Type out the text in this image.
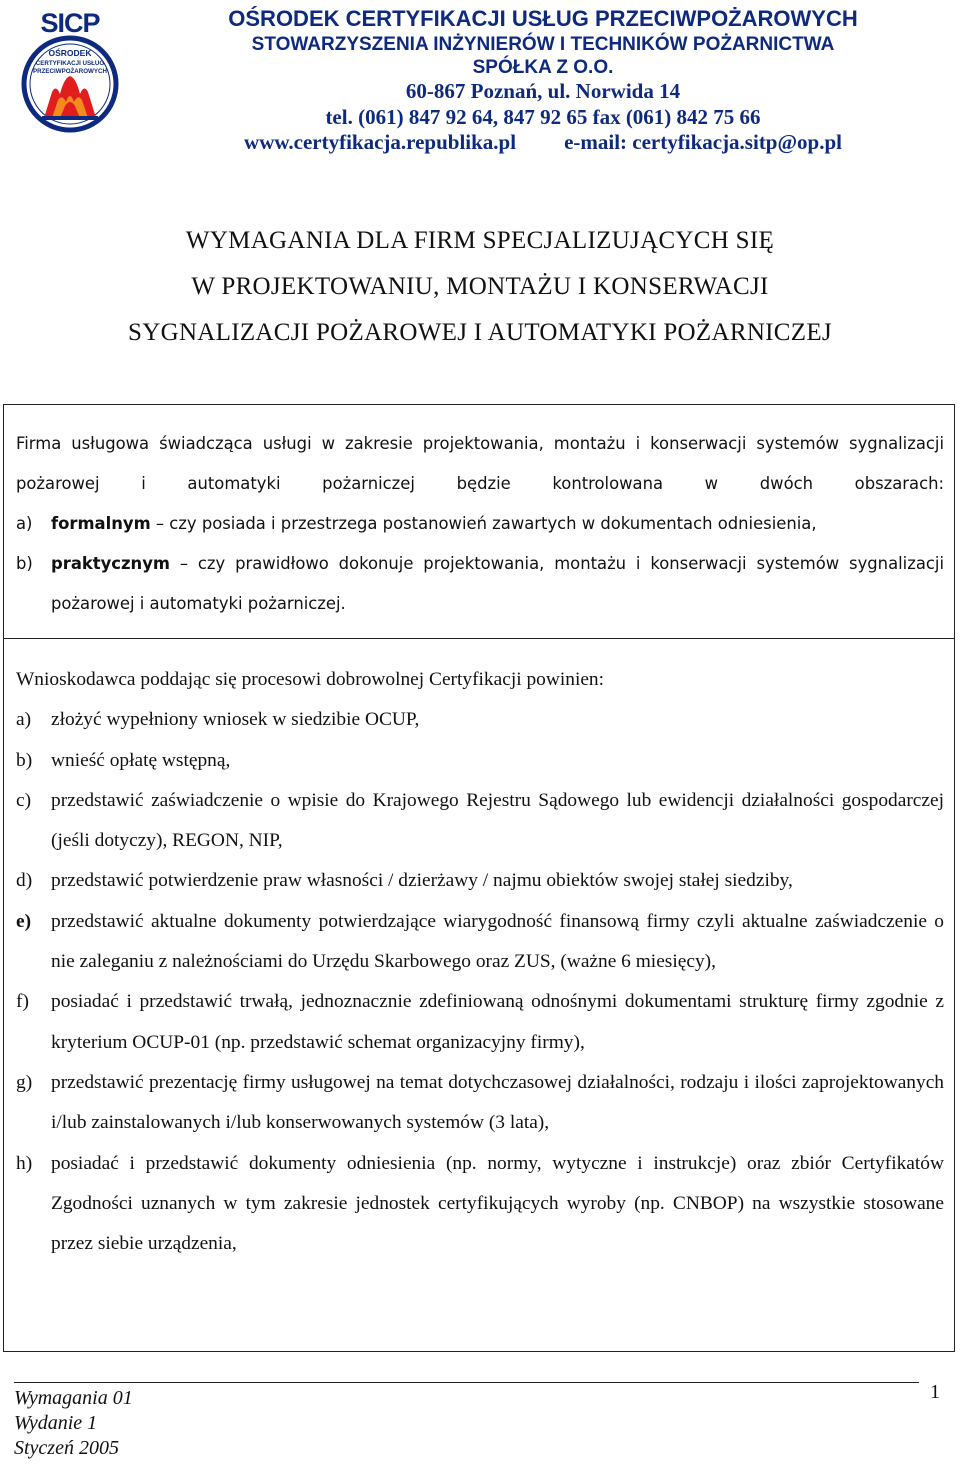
SICP
OŚRODEK
CERTYFIKACJI USŁUG
PRZECIWPOŻAROWYCH
OŚRODEK CERTYFIKACJI USŁUG PRZECIWPOŻAROWYCH
STOWARZYSZENIA INŻYNIERÓW I TECHNIKÓW POŻARNICTWA
SPÓŁKA Z O.O.
60-867 Poznań, ul. Norwida 14
tel. (061) 847 92 64, 847 92 65 fax (061) 842 75 66
www.certyfikacja.republika.pl e-mail: certyfikacja.sitp@op.pl
WYMAGANIA DLA FIRM SPECJALIZUJĄCYCH SIĘ
W PROJEKTOWANIU, MONTAŻU I KONSERWACJI
SYGNALIZACJI POŻAROWEJ I AUTOMATYKI POŻARNICZEJ

Firma usługowa świadcząca usługi w zakresie projektowania, montażu i konserwacji systemów sygnalizacji pożarowej i automatyki pożarniczej będzie kontrolowana w dwóch obszarach:

a) formalnym – czy posiada i przestrzega postanowień zawartych w dokumentach odniesienia,
b) praktycznym – czy prawidłowo dokonuje projektowania, montażu i konserwacji systemów sygnalizacji pożarowej i automatyki pożarniczej.

Wnioskodawca poddając się procesowi dobrowolnej Certyfikacji powinien:

a) złożyć wypełniony wniosek w siedzibie OCUP,
b) wnieść opłatę wstępną,
c) przedstawić zaświadczenie o wpisie do Krajowego Rejestru Sądowego lub ewidencji działalności gospodarczej (jeśli dotyczy), REGON, NIP,
d) przedstawić potwierdzenie praw własności / dzierżawy / najmu obiektów swojej stałej siedziby,
e) przedstawić aktualne dokumenty potwierdzające wiarygodność finansową firmy czyli aktualne zaświadczenie o nie zaleganiu z należnościami do Urzędu Skarbowego oraz ZUS, (ważne 6 miesięcy),
f) posiadać i przedstawić trwałą, jednoznacznie zdefiniowaną odnośnymi dokumentami strukturę firmy zgodnie z kryterium OCUP-01 (np. przedstawić schemat organizacyjny firmy),
g) przedstawić prezentację firmy usługowej na temat dotychczasowej działalności, rodzaju i ilości zaprojektowanych i/lub zainstalowanych i/lub konserwowanych systemów (3 lata),
h) posiadać i przedstawić dokumenty odniesienia (np. normy, wytyczne i instrukcje) oraz zbiór Certyfikatów Zgodności uznanych w tym zakresie jednostek certyfikujących wyroby (np. CNBOP) na wszystkie stosowane przez siebie urządzenia,
Wymagania 01
Wydanie 1
Styczeń 2005
1
